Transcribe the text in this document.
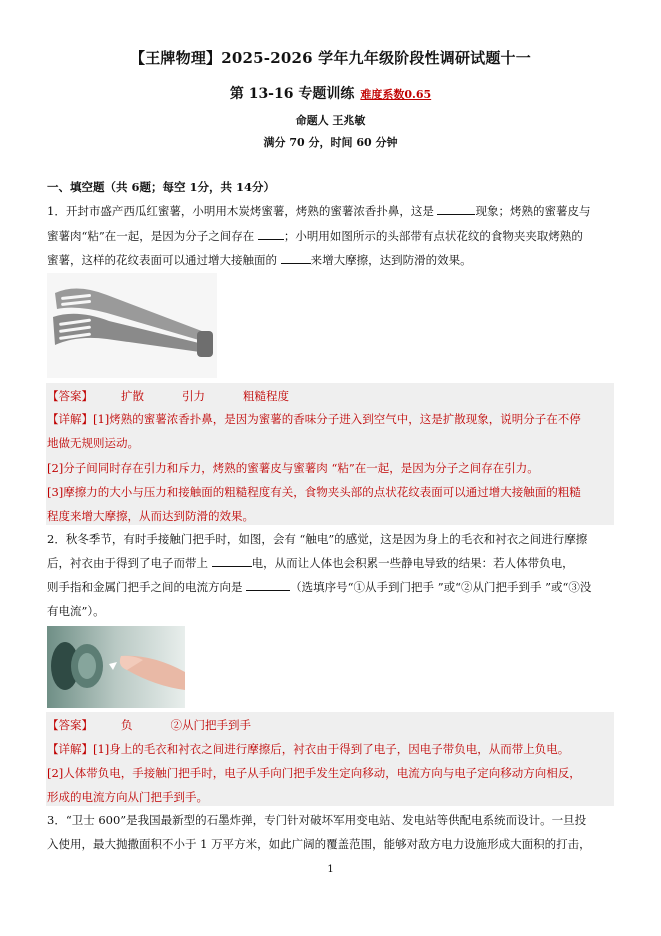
【王牌物理】2025-2026 学年九年级阶段性调研试题十一
第 13-16 专题训练 难度系数0.65
命题人 王兆敏
满分 70 分，时间 60 分钟
一、填空题（共 6题；每空 1分，共 14分）
1．开封市盛产西瓜红蜜薯，小明用木炭烤蜜薯，烤熟的蜜薯浓香扑鼻，这是	现象；烤熟的蜜薯皮与
蜜薯肉“粘”在一起，是因为分子之间存在 ；小明用如图所示的头部带有点状花纹的食物夹夹取烤熟的
蜜薯，这样的花纹表面可以通过增大接触面的	来增大摩擦，达到防滑的效果。
【答案】 扩散	引力	粗糙程度
【详解】[1]烤熟的蜜薯浓香扑鼻，是因为蜜薯的香味分子进入到空气中，这是扩散现象，说明分子在不停
地做无规则运动。
[2]分子间同时存在引力和斥力，烤熟的蜜薯皮与蜜薯肉 “粘”在一起，是因为分子之间存在引力。
[3]摩擦力的大小与压力和接触面的粗糙程度有关，食物夹头部的点状花纹表面可以通过增大接触面的粗糙
程度来增大摩擦，从而达到防滑的效果。
2．秋冬季节，有时手接触门把手时，如图，会有 “触电”的感觉，这是因为身上的毛衣和衬衣之间进行摩擦
后，衬衣由于得到了电子而带上	电，从而让人体也会积累一些静电导致的结果：若人体带负电，
则手指和金属门把手之间的电流方向是	（选填序号“①从手到门把手 ”或“②从门把手到手 ”或“③没
有电流”）。
【答案】 负	②从门把手到手
【详解】[1]身上的毛衣和衬衣之间进行摩擦后，衬衣由于得到了电子，因电子带负电，从而带上负电。
[2]人体带负电，手接触门把手时，电子从手向门把手发生定向移动，电流方向与电子定向移动方向相反，
形成的电流方向从门把手到手。
3．“卫士 600”是我国最新型的石墨炸弹，专门针对破坏军用变电站、发电站等供配电系统而设计。一旦投
入使用，最大抛撒面积不小于 1 万平方米，如此广阔的覆盖范围，能够对敌方电力设施形成大面积的打击，
1
